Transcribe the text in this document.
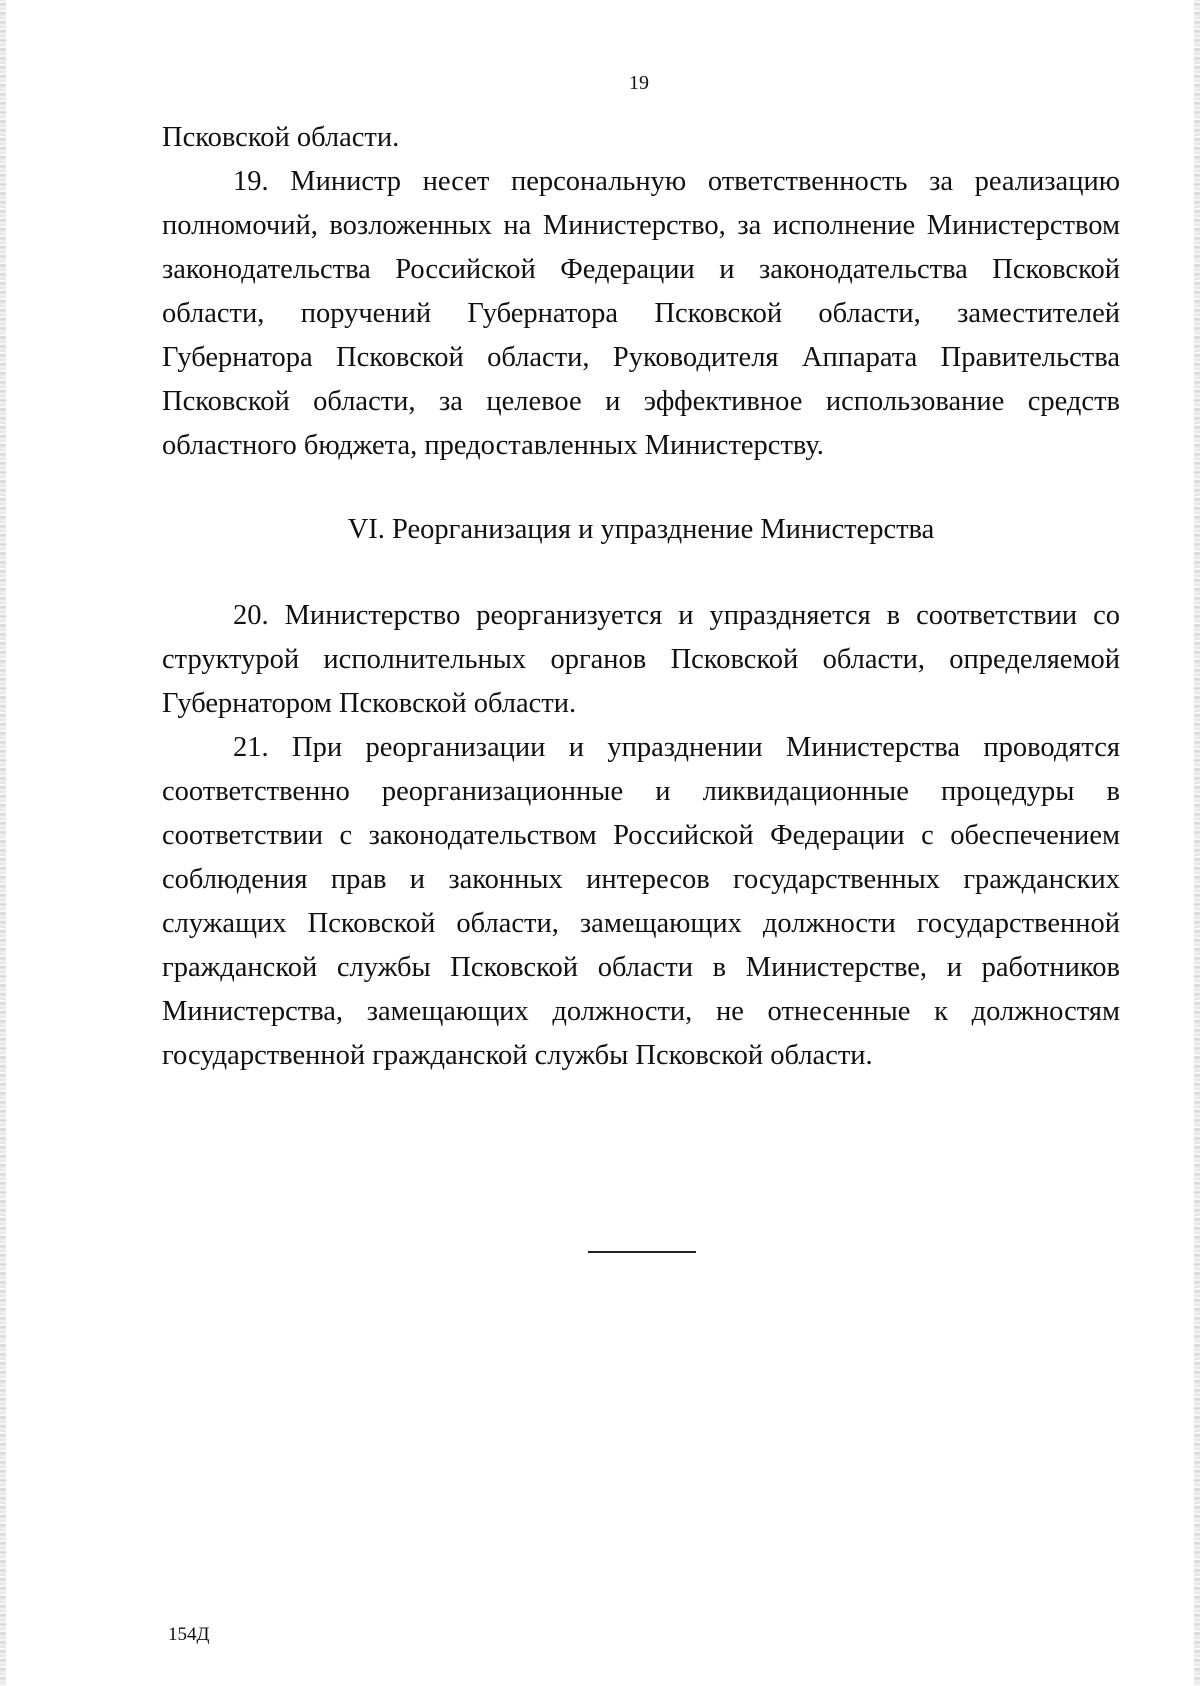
19

Псковской области.

19. Министр несет персональную ответственность за реализацию полномочий, возложенных на Министерство, за исполнение Министерством законодательства Российской Федерации и законодательства Псковской области, поручений Губернатора Псковской области, заместителей Губернатора Псковской области, Руководителя Аппарата Правительства Псковской области, за целевое и эффективное использование средств областного бюджета, предоставленных Министерству.

VI. Реорганизация и упразднение Министерства

20. Министерство реорганизуется и упраздняется в соответствии со структурой исполнительных органов Псковской области, определяемой Губернатором Псковской области.

21. При реорганизации и упразднении Министерства проводятся соответственно реорганизационные и ликвидационные процедуры в соответствии с законодательством Российской Федерации с обеспечением соблюдения прав и законных интересов государственных гражданских служащих Псковской области, замещающих должности государственной гражданской службы Псковской области в Министерстве, и работников Министерства, замещающих должности, не отнесенные к должностям государственной гражданской службы Псковской области.

154Д
